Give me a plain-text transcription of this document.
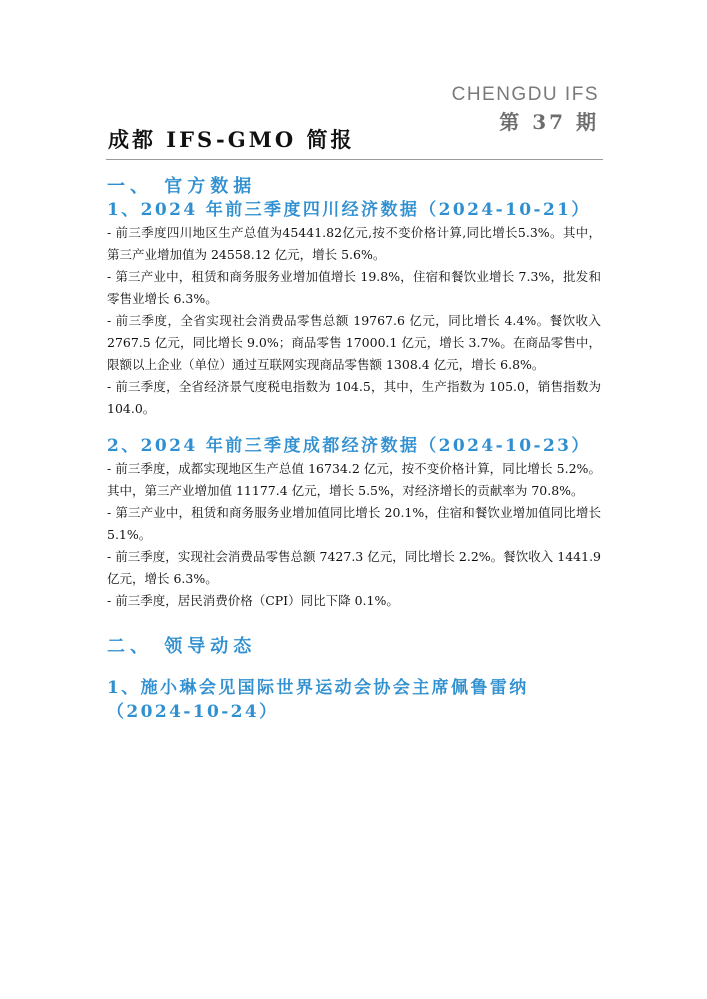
CHENGDU IFS
第 37 期
成都 IFS-GMO 简报
一、 官方数据
1、2024 年前三季度四川经济数据（2024-10-21）

- 前三季度四川地区生产总值为45441.82亿元,按不变价格计算,同比增长5.3%。其中，第三产业增加值为 24558.12 亿元，增长 5.6%。

- 第三产业中，租赁和商务服务业增加值增长 19.8%，住宿和餐饮业增长 7.3%，批发和零售业增长 6.3%。

- 前三季度，全省实现社会消费品零售总额 19767.6 亿元，同比增长 4.4%。餐饮收入 2767.5 亿元，同比增长 9.0%；商品零售 17000.1 亿元，增长 3.7%。在商品零售中，限额以上企业（单位）通过互联网实现商品零售额 1308.4 亿元，增长 6.8%。

- 前三季度，全省经济景气度税电指数为 104.5，其中，生产指数为 105.0，销售指数为 104.0。

2、2024 年前三季度成都经济数据（2024-10-23）

- 前三季度，成都实现地区生产总值 16734.2 亿元，按不变价格计算，同比增长 5.2%。其中，第三产业增加值 11177.4 亿元，增长 5.5%，对经济增长的贡献率为 70.8%。

- 第三产业中，租赁和商务服务业增加值同比增长 20.1%，住宿和餐饮业增加值同比增长 5.1%。

- 前三季度，实现社会消费品零售总额 7427.3 亿元，同比增长 2.2%。餐饮收入 1441.9 亿元，增长 6.3%。

- 前三季度，居民消费价格（CPI）同比下降 0.1%。

二、 领导动态
1、施小琳会见国际世界运动会协会主席佩鲁雷纳（2024-10-24）
